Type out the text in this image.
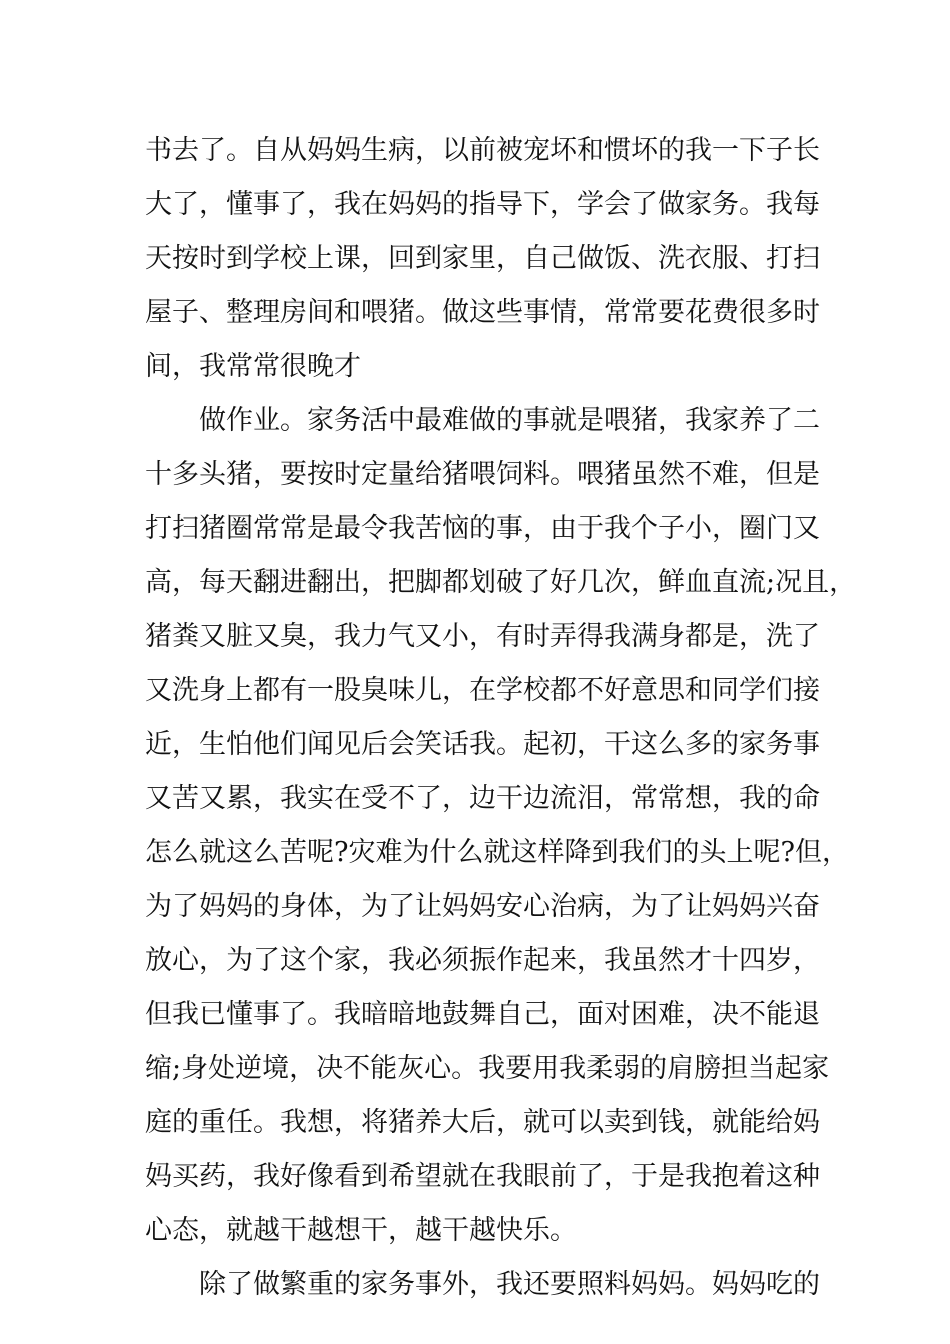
书去了。自从妈妈生病，以前被宠坏和惯坏的我一下子长
大了，懂事了，我在妈妈的指导下，学会了做家务。我每
天按时到学校上课，回到家里，自己做饭、洗衣服、打扫
屋子、整理房间和喂猪。做这些事情，常常要花费很多时
间，我常常很晚才
做作业。家务活中最难做的事就是喂猪，我家养了二
十多头猪，要按时定量给猪喂饲料。喂猪虽然不难，但是
打扫猪圈常常是最令我苦恼的事，由于我个子小，圈门又
高，每天翻进翻出，把脚都划破了好几次，鲜血直流;况且，
猪粪又脏又臭，我力气又小，有时弄得我满身都是，洗了
又洗身上都有一股臭味儿，在学校都不好意思和同学们接
近，生怕他们闻见后会笑话我。起初，干这么多的家务事
又苦又累，我实在受不了，边干边流泪，常常想，我的命
怎么就这么苦呢?灾难为什么就这样降到我们的头上呢?但，
为了妈妈的身体，为了让妈妈安心治病，为了让妈妈兴奋
放心，为了这个家，我必须振作起来，我虽然才十四岁，
但我已懂事了。我暗暗地鼓舞自己，面对困难，决不能退
缩;身处逆境，决不能灰心。我要用我柔弱的肩膀担当起家
庭的重任。我想，将猪养大后，就可以卖到钱，就能给妈
妈买药，我好像看到希望就在我眼前了，于是我抱着这种
心态，就越干越想干，越干越快乐。
除了做繁重的家务事外，我还要照料妈妈。妈妈吃的
